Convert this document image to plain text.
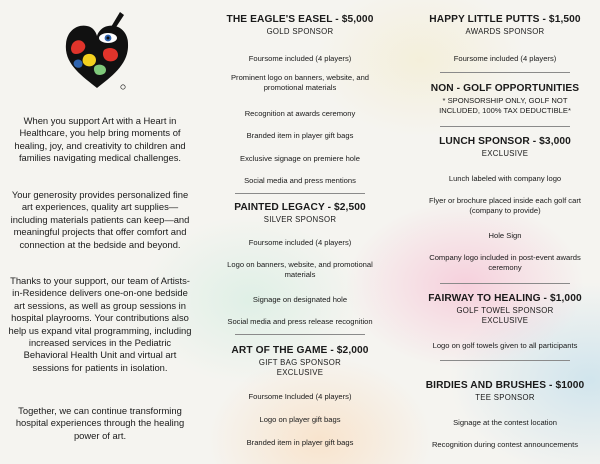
When you support Art with a Heart in Healthcare, you help bring moments of healing, joy, and creativity to children and families navigating medical challenges.

Your generosity provides personalized fine art experiences, quality art supplies—including materials patients can keep—and meaningful projects that offer comfort and connection at the bedside and beyond.

Thanks to your support, our team of Artists-in-Residence delivers one-on-one bedside art sessions, as well as group sessions in hospital playrooms. Your contributions also help us expand vital programming, including increased services in the Pediatric Behavioral Health Unit and virtual art sessions for patients in isolation.

Together, we can continue transforming hospital experiences through the healing power of art.

THE EAGLE'S EASEL - $5,000
GOLD SPONSOR
Foursome included (4 players)
Prominent logo on banners, website, and promotional materials
Recognition at awards ceremony
Branded item in player gift bags
Exclusive signage on premiere hole
Social media and press mentions
PAINTED LEGACY - $2,500
SILVER SPONSOR
Foursome included (4 players)
Logo on banners, website, and promotional materials
Signage on designated hole
Social media and press release recognition
ART OF THE GAME - $2,000
GIFT BAG SPONSOR
EXCLUSIVE
Foursome Included (4 players)
Logo on player gift bags
Branded item in player gift bags
HAPPY LITTLE PUTTS - $1,500
AWARDS SPONSOR
Foursome included (4 players)
NON - GOLF OPPORTUNITIES
* SPONSORSHIP ONLY, GOLF NOT INCLUDED, 100% TAX DEDUCTIBLE*
LUNCH SPONSOR - $3,000
EXCLUSIVE
Lunch labeled with company logo
Flyer or brochure placed inside each golf cart (company to provide)
Hole Sign
Company logo included in post-event awards ceremony
FAIRWAY TO HEALING - $1,000
GOLF TOWEL SPONSOR
EXCLUSIVE
Logo on golf towels given to all participants
BIRDIES AND BRUSHES - $1000
TEE SPONSOR
Signage at the contest location
Recognition during contest announcements
